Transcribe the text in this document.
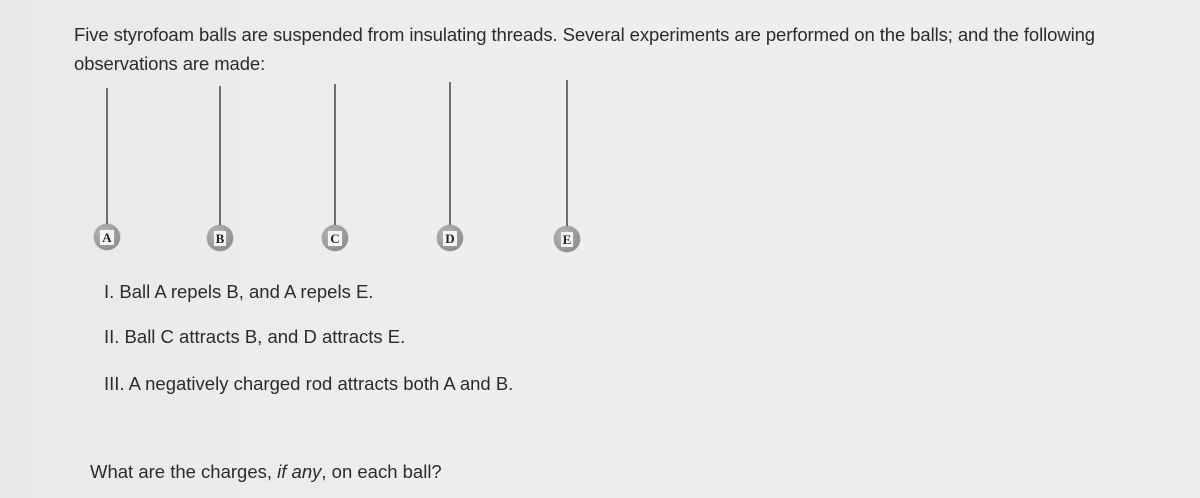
Five styrofoam balls are suspended from insulating threads. Several experiments are performed on the balls; and the following observations are made:

A	B	C	D	E

I. Ball A repels B, and A repels E.

II. Ball C attracts B, and D attracts E.

III. A negatively charged rod attracts both A and B.

What are the charges, if any, on each ball?
